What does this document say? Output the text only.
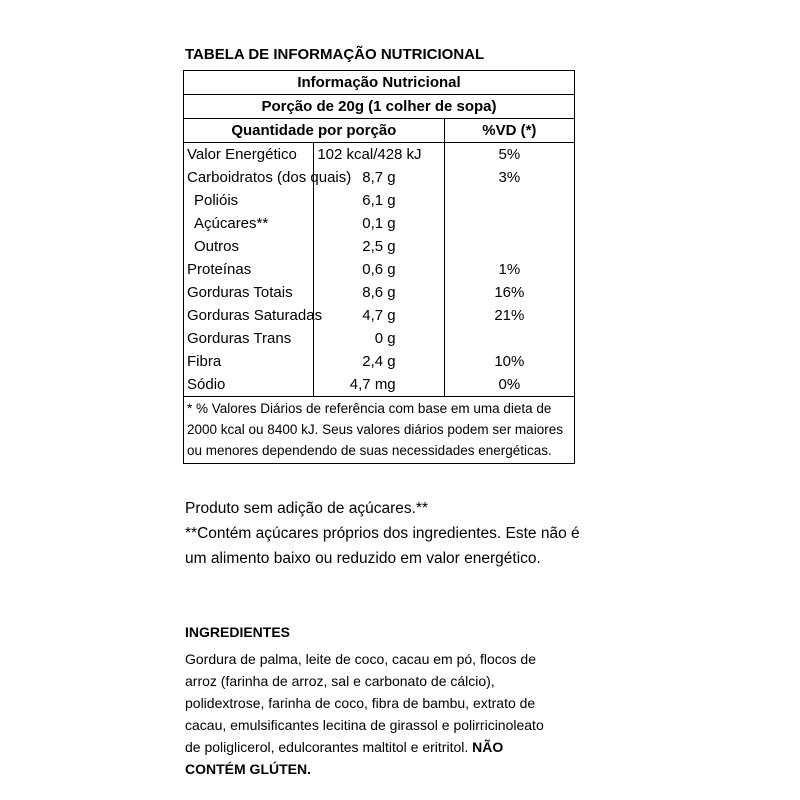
TABELA DE INFORMAÇÃO NUTRICIONAL
Informação Nutricional		
Porção de 20g (1 colher de sopa)		
Quantidade por porção		%VD (*)
Valor Energético	102 kcal/428 kJ	5%
Carboidratos (dos quais)	8,7 g	3%
Polióis	6,1 g	
Açúcares**	0,1 g	
Outros	2,5 g	
Proteínas	0,6 g	1%
Gorduras Totais	8,6 g	16%
Gorduras Saturadas	4,7 g	21%
Gorduras Trans	0 g	
Fibra	2,4 g	10%
Sódio	4,7 mg	0%
* % Valores Diários de referência com base em uma dieta de 2000 kcal ou 8400 kJ. Seus valores diários podem ser maiores ou menores dependendo de suas necessidades energéticas.		

Produto sem adição de açúcares.**

**Contém açúcares próprios dos ingredientes. Este não é um alimento baixo ou reduzido em valor energético.

INGREDIENTES
Gordura de palma, leite de coco, cacau em pó, flocos de arroz (farinha de arroz, sal e carbonato de cálcio), polidextrose, farinha de coco, fibra de bambu, extrato de cacau, emulsificantes lecitina de girassol e polirricinoleato de poliglicerol, edulcorantes maltitol e eritritol. NÃO CONTÉM GLÚTEN.
